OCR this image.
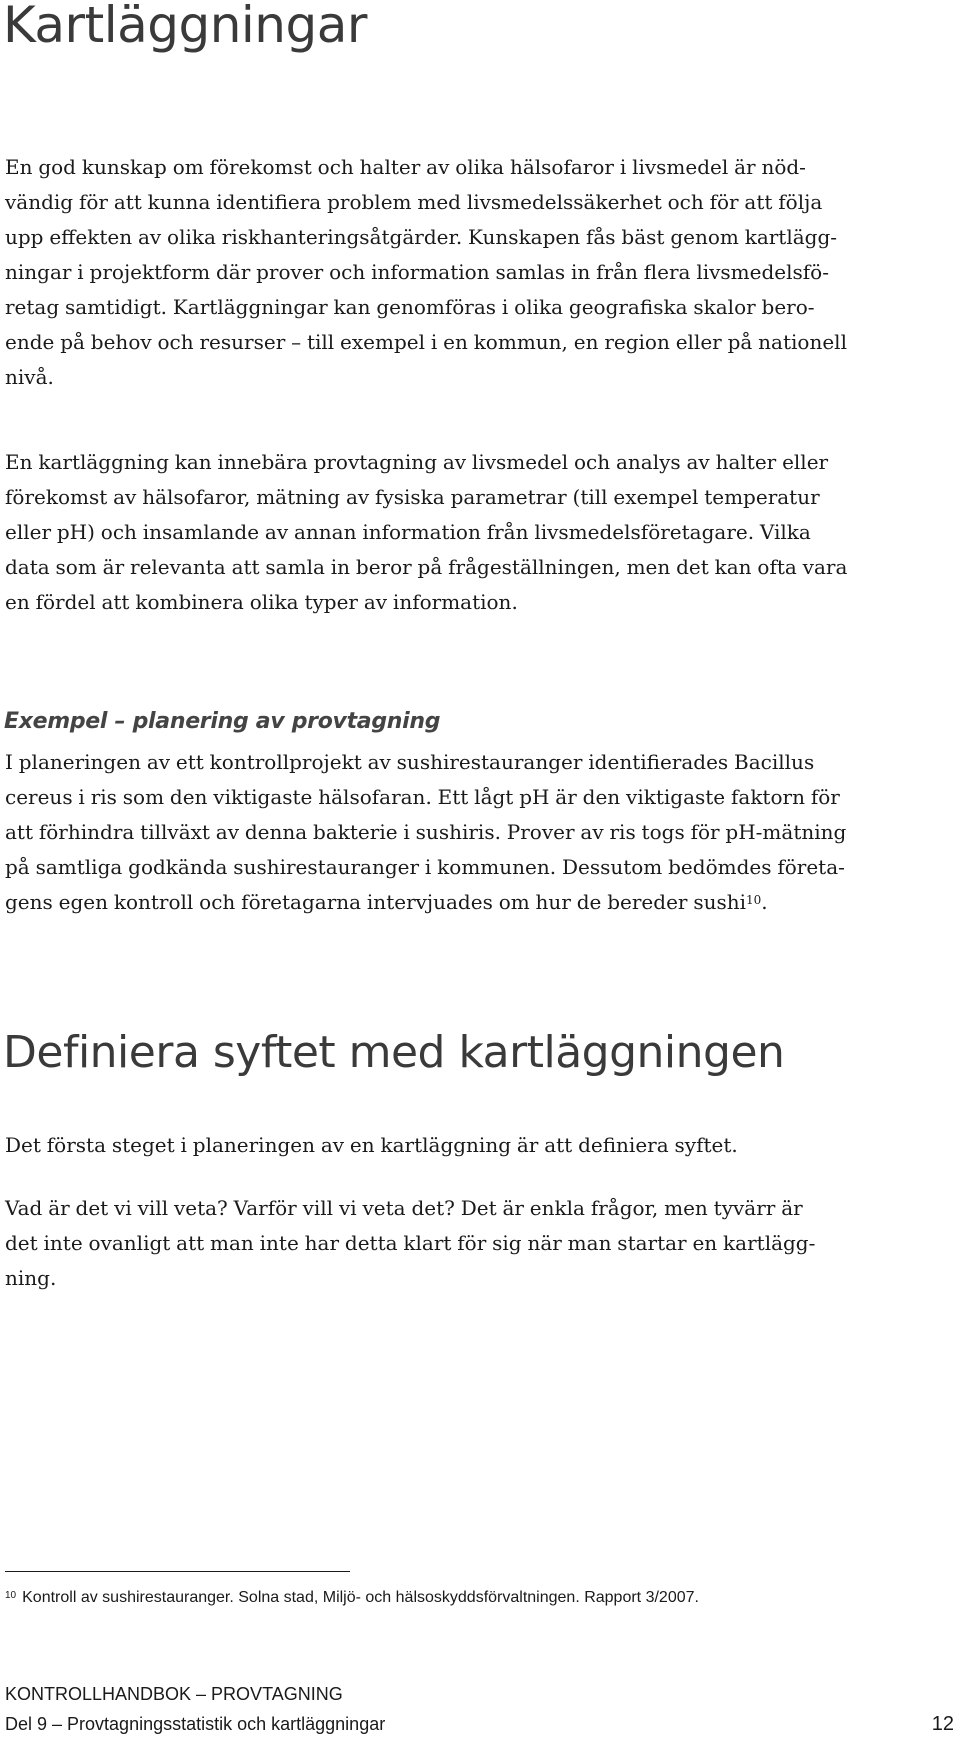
Kartläggningar
En god kunskap om förekomst och halter av olika hälsofaror i livsmedel är nöd-
vändig för att kunna identifiera problem med livsmedelssäkerhet och för att följa
upp effekten av olika riskhanteringsåtgärder. Kunskapen fås bäst genom kartlägg-
ningar i projektform där prover och information samlas in från flera livsmedelsfö-
retag samtidigt. Kartläggningar kan genomföras i olika geografiska skalor bero-
ende på behov och resurser – till exempel i en kommun, en region eller på nationell
nivå.
En kartläggning kan innebära provtagning av livsmedel och analys av halter eller
förekomst av hälsofaror, mätning av fysiska parametrar (till exempel temperatur
eller pH) och insamlande av annan information från livsmedelsföretagare. Vilka
data som är relevanta att samla in beror på frågeställningen, men det kan ofta vara
en fördel att kombinera olika typer av information.
Exempel – planering av provtagning
I planeringen av ett kontrollprojekt av sushirestauranger identifierades Bacillus
cereus i ris som den viktigaste hälsofaran. Ett lågt pH är den viktigaste faktorn för
att förhindra tillväxt av denna bakterie i sushiris. Prover av ris togs för pH-mätning
på samtliga godkända sushirestauranger i kommunen. Dessutom bedömdes företa-
gens egen kontroll och företagarna intervjuades om hur de bereder sushi$^{10}$.
Definiera syftet med kartläggningen
Det första steget i planeringen av en kartläggning är att definiera syftet.
Vad är det vi vill veta? Varför vill vi veta det? Det är enkla frågor, men tyvärr är
det inte ovanligt att man inte har detta klart för sig när man startar en kartlägg-
ning.

$^{10}$ Kontroll av sushirestauranger. Solna stad, Miljö- och hälsoskyddsförvaltningen. Rapport 3/2007.

KONTROLLHANDBOK – PROVTAGNING

Del 9 – Provtagningsstatistik och kartläggningar	12
